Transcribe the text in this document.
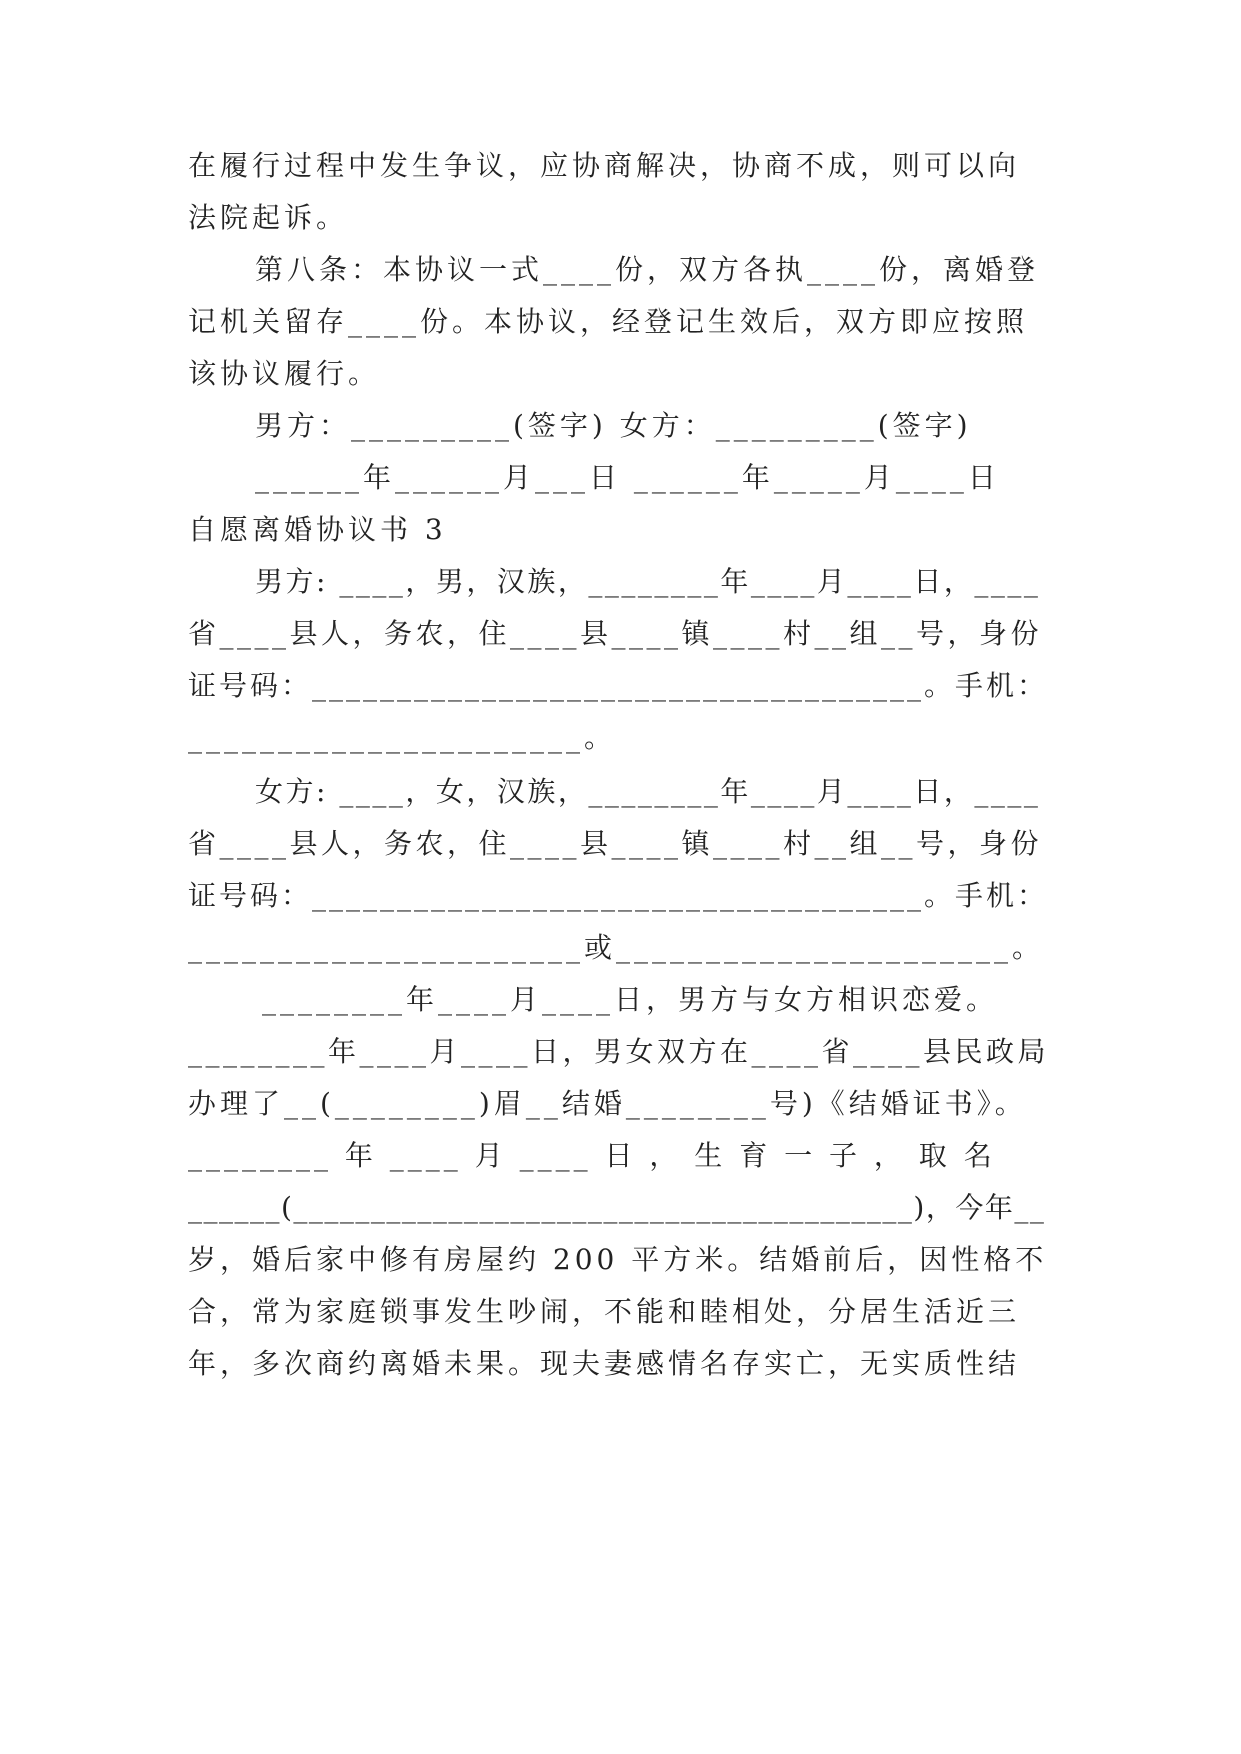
在履行过程中发生争议，应协商解决，协商不成，则可以向
法院起诉。
第八条：本协议一式____份，双方各执____份，离婚登
记机关留存____份。本协议，经登记生效后，双方即应按照
该协议履行。
男方：_________(签字) 女方：_________(签字)
______年______月___日 ______年_____月____日
自愿离婚协议书 3
男方: ____，男，汉族，________年____月____日，____
省____县人，务农，住____县____镇____村__组__号，身份
证号码：____________________________________。手机：
______________________。
女方: ____，女，汉族，________年____月____日，____
省____县人，务农，住____县____镇____村__组__号，身份
证号码：____________________________________。手机：
______________________或______________________。
________年____月____日，男方与女方相识恋爱。
________年____月____日，男女双方在____省____县民政局
办理了__(________)眉__结婚________号)《结婚证书》。
________ 年 ____ 月 ____ 日 ， 生 育 一 子 ， 取 名
______(________________________________________)，今年__
岁，婚后家中修有房屋约 200 平方米。结婚前后，因性格不
合，常为家庭锁事发生吵闹，不能和睦相处，分居生活近三
年，多次商约离婚未果。现夫妻感情名存实亡，无实质性结
